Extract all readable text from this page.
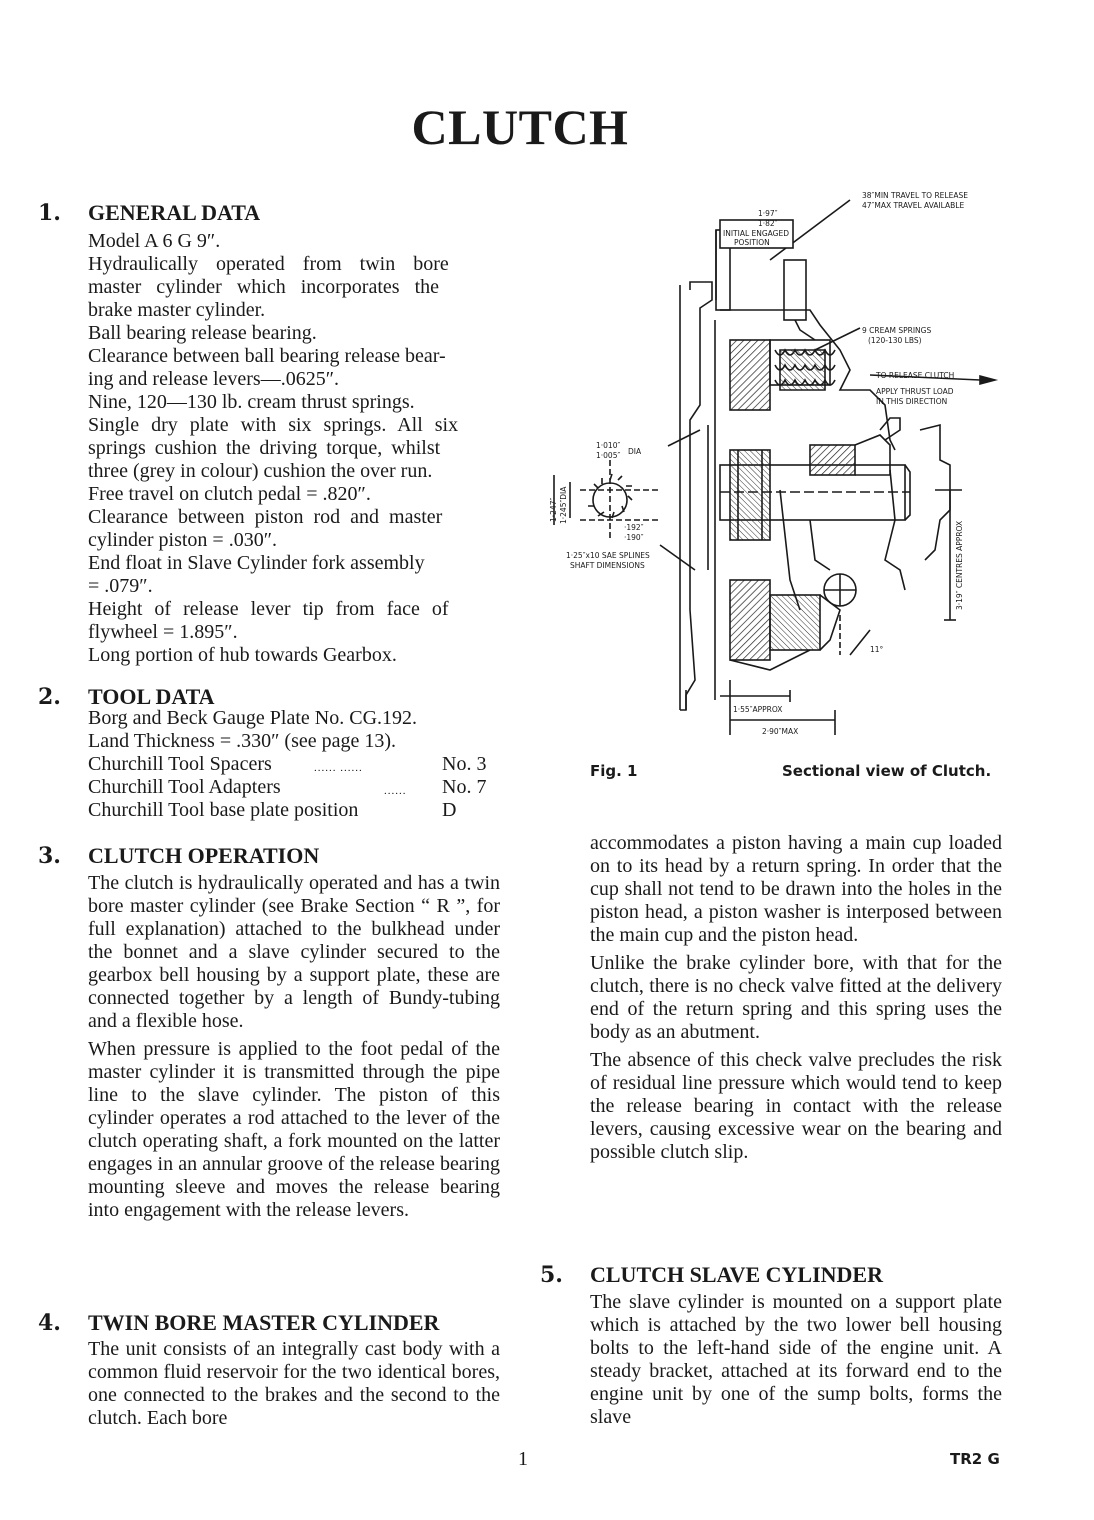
CLUTCH
1. GENERAL DATA
Model A 6 G 9″.
Hydraulically operated from twin bore
master cylinder which incorporates the
brake master cylinder.
Ball bearing release bearing.
Clearance between ball bearing release bear-
ing and release levers—.0625″.
Nine, 120—130 lb. cream thrust springs.
Single dry plate with six springs. All six
springs cushion the driving torque, whilst
three (grey in colour) cushion the over run.
Free travel on clutch pedal = .820″.
Clearance between piston rod and master
cylinder piston = .030″.
End float in Slave Cylinder fork assembly
= .079″.
Height of release lever tip from face of
flywheel = 1.895″.
Long portion of hub towards Gearbox.
2. TOOL DATA
Borg and Beck Gauge Plate No. CG.192.
Land Thickness = .330″ (see page 13).
Churchill Tool Spacers	...... ......	No. 3
Churchill Tool Adapters	...... No. 7
Churchill Tool base plate position	D
3. CLUTCH OPERATION

The clutch is hydraulically operated and has a twin bore master cylinder (see Brake Section “ R ”, for full explanation) attached to the bulkhead under the bonnet and a slave cylinder secured to the gearbox bell housing by a support plate, these are connected together by a length of Bundy-tubing and a flexible hose.

When pressure is applied to the foot pedal of the master cylinder it is transmitted through the pipe line to the slave cylinder. The piston of this cylinder operates a rod attached to the lever of the clutch operating shaft, a fork mounted on the latter engages in an annular groove of the release bearing mounting sleeve and moves the release bearing into engagement with the release levers.

4. TWIN BORE MASTER CYLINDER

The unit consists of an integrally cast body with a common fluid reservoir for the two identical bores, one connected to the brakes and the second to the clutch. Each bore

accommodates a piston having a main cup loaded on to its head by a return spring. In order that the cup shall not tend to be drawn into the holes in the piston head, a piston washer is interposed between the main cup and the piston head.

Unlike the brake cylinder bore, with that for the clutch, there is no check valve fitted at the delivery end of the return spring and this spring uses the body as an abutment.

The absence of this check valve precludes the risk of residual line pressure which would tend to keep the release bearing in contact with the release levers, causing excessive wear on the bearing and possible clutch slip.

5. CLUTCH SLAVE CYLINDER

The slave cylinder is mounted on a support plate which is attached by the two lower bell housing bolts to the left-hand side of the engine unit. A steady bracket, attached at its forward end to the engine unit by one of the sump bolts, forms the slave

Fig. 1	Sectional view of Clutch.
1	TR2 G
38″MIN TRAVEL TO RELEASE
47″MAX TRAVEL AVAILABLE
1·97″
1·82″
INITIAL ENGAGED
POSITION
9 CREAM SPRINGS
(120-130 LBS)
TO RELEASE CLUTCH
APPLY THRUST LOAD
IN THIS DIRECTION
1·010″
1·005″ DIA
1·247″ 1·245″DIA
·192″
·190″
1·25″x10 SAE SPLINES
SHAFT DIMENSIONS	3·19″ CENTRES APPROX
1·55″APPROX
2·90″MAX
11°
